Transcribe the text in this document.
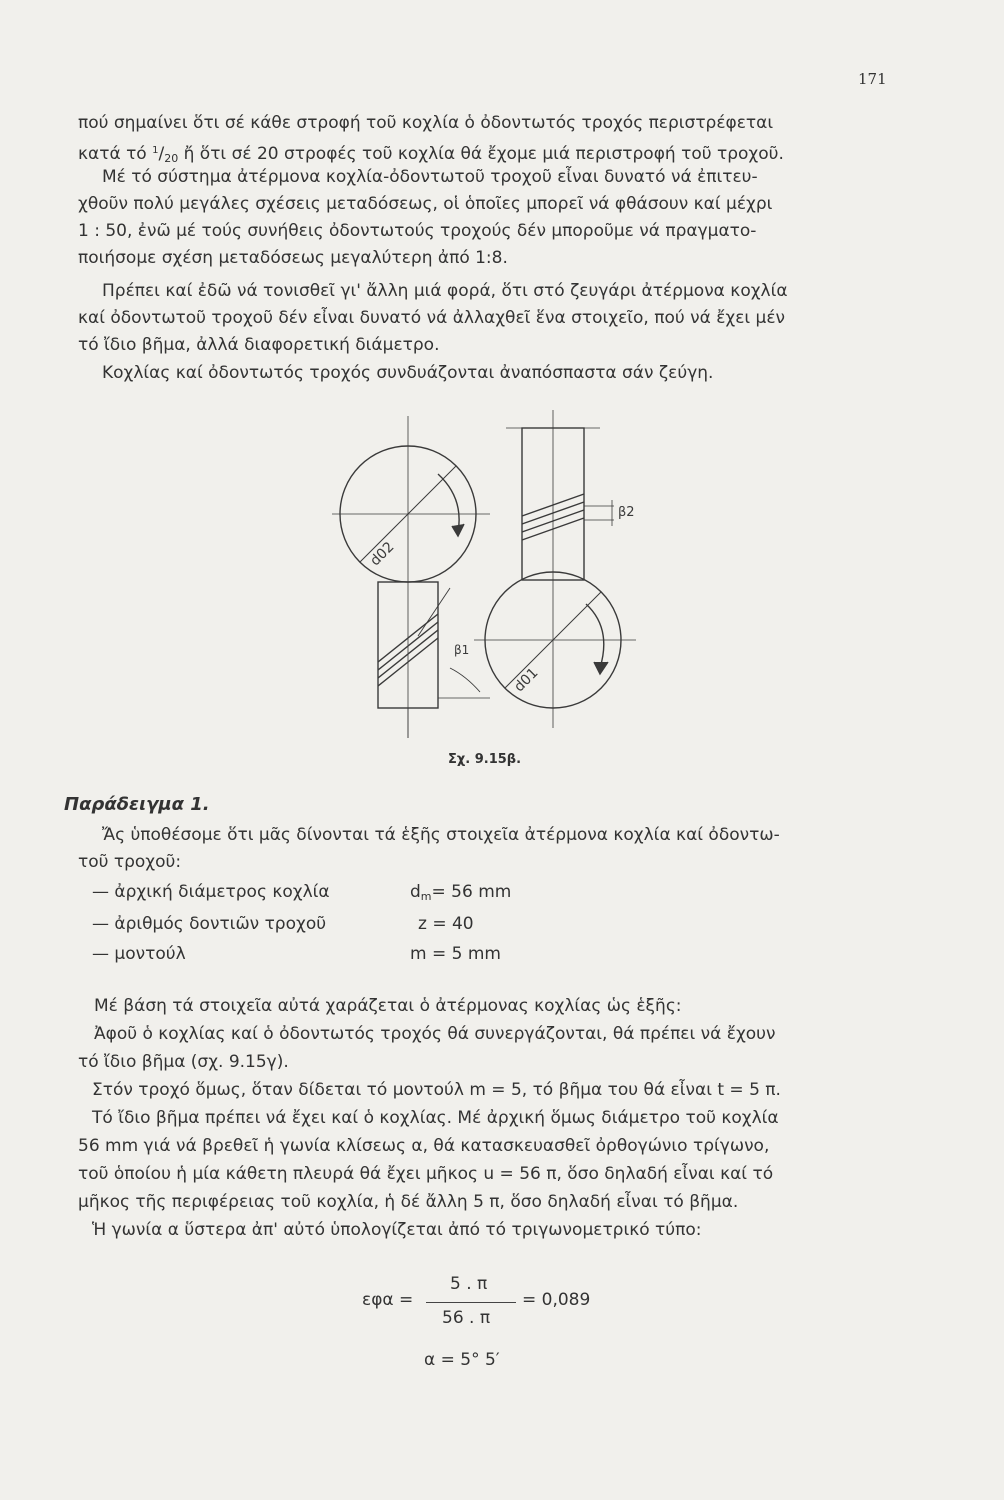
171
πού σημαίνει ὅτι σέ κάθε στροφή τοῦ κοχλία ὁ ὀδοντωτός τροχός περιστρέφεται
κατά τό $^1/_{20}$ ἤ ὅτι σέ 20 στροφές τοῦ κοχλία θά ἔχομε μιά περιστροφή τοῦ τροχοῦ.
Μέ τό σύστημα ἀτέρμονα κοχλία-ὀδοντωτοῦ τροχοῦ εἶναι δυνατό νά ἐπιτευ-
χθοῦν πολύ μεγάλες σχέσεις μεταδόσεως, οἱ ὁποῖες μπορεῖ νά φθάσουν καί μέχρι
1 : 50, ἐνῶ μέ τούς συνήθεις ὀδοντωτούς τροχούς δέν μποροῦμε νά πραγματο-
ποιήσομε σχέση μεταδόσεως μεγαλύτερη ἀπό 1:8.
Πρέπει καί ἐδῶ νά τονισθεῖ γι' ἄλλη μιά φορά, ὅτι στό ζευγάρι ἀτέρμονα κοχλία
καί ὀδοντωτοῦ τροχοῦ δέν εἶναι δυνατό νά ἀλλαχθεῖ ἕνα στοιχεῖο, πού νά ἔχει μέν
τό ἴδιο βῆμα, ἀλλά διαφορετική διάμετρο.
Κοχλίας καί ὀδοντωτός τροχός συνδυάζονται ἀναπόσπαστα σάν ζεύγη.
d02
d01
β1
β2
Σχ. 9.15β.
Παράδειγμα 1.
Ἄς ὑποθέσομε ὅτι μᾶς δίνονται τά ἑξῆς στοιχεῖα ἀτέρμονα κοχλία καί ὀδοντω-
τοῦ τροχοῦ:
— ἀρχική διάμετρος κοχλία	$d_m= 56$ mm
— ἀριθμός δοντιῶν τροχοῦ	z = 40
— μοντούλ	m = 5 mm
Μέ βάση τά στοιχεῖα αὐτά χαράζεται ὁ ἀτέρμονας κοχλίας ὡς ἑξῆς:
Ἀφοῦ ὁ κοχλίας καί ὁ ὀδοντωτός τροχός θά συνεργάζονται, θά πρέπει νά ἔχουν
τό ἴδιο βῆμα (σχ. 9.15γ).
Στόν τροχό ὅμως, ὅταν δίδεται τό μοντούλ m = 5, τό βῆμα του θά εἶναι t = 5 π.
Τό ἴδιο βῆμα πρέπει νά ἔχει καί ὁ κοχλίας. Μέ ἀρχική ὅμως διάμετρο τοῦ κοχλία
56 mm γιά νά βρεθεῖ ἡ γωνία κλίσεως α, θά κατασκευασθεῖ ὀρθογώνιο τρίγωνο,
τοῦ ὁποίου ἡ μία κάθετη πλευρά θά ἔχει μῆκος u = 56 π, ὅσο δηλαδή εἶναι καί τό
μῆκος τῆς περιφέρειας τοῦ κοχλία, ἡ δέ ἄλλη 5 π, ὅσο δηλαδή εἶναι τό βῆμα.
Ἡ γωνία α ὕστερα ἀπ' αὐτό ὑπολογίζεται ἀπό τό τριγωνομετρικό τύπο:
5 . π
εφα =	= 0,089
56 . π
α = 5° 5′
